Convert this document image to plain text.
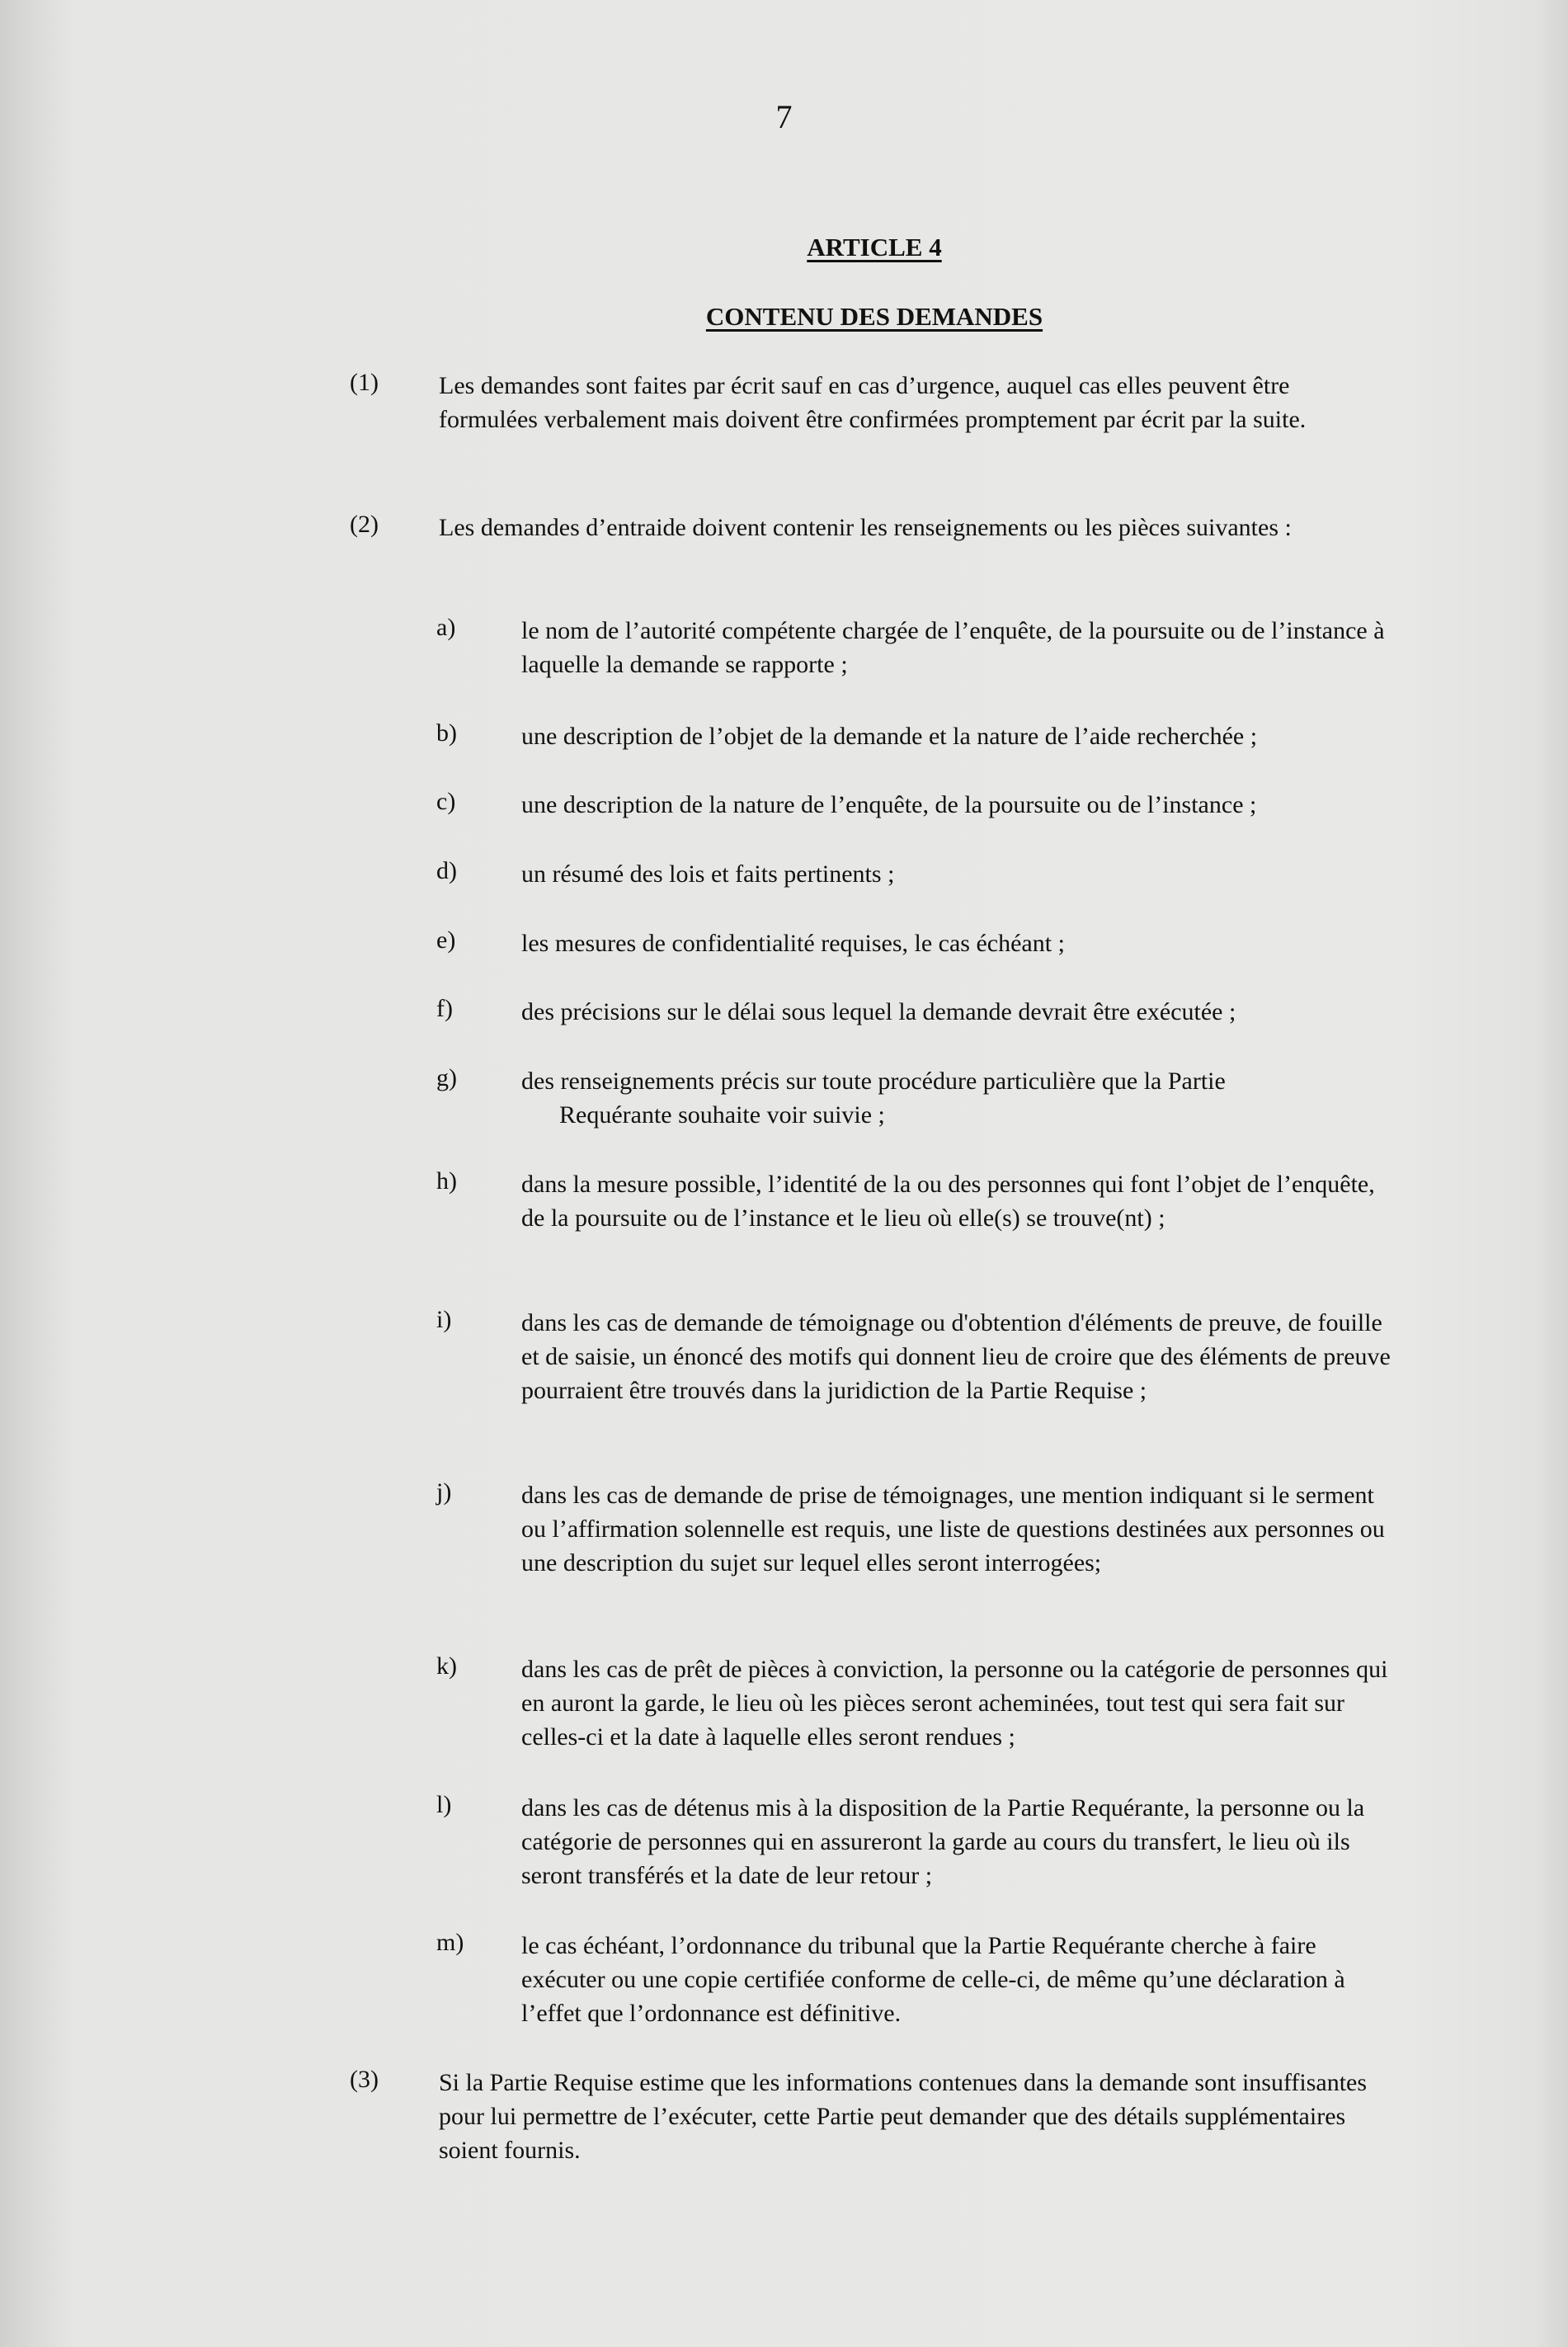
7
ARTICLE 4
CONTENU DES DEMANDES
(1) Les demandes sont faites par écrit sauf en cas d’urgence, auquel cas elles peuvent être formulées verbalement mais doivent être confirmées promptement par écrit par la suite.
(2) Les demandes d’entraide doivent contenir les renseignements ou les pièces suivantes :
a)	le nom de l’autorité compétente chargée de l’enquête, de la poursuite ou de l’instance à laquelle la demande se rapporte ;
b)	une description de l’objet de la demande et la nature de l’aide recherchée ;
c)	une description de la nature de l’enquête, de la poursuite ou de l’instance ;
d)	un résumé des lois et faits pertinents ;
e)	les mesures de confidentialité requises, le cas échéant ;
f)	des précisions sur le délai sous lequel la demande devrait être exécutée ;
g)	des renseignements précis sur toute procédure particulière que la Partie
Requérante souhaite voir suivie ;
h)	dans la mesure possible, l’identité de la ou des personnes qui font l’objet de l’enquête, de la poursuite ou de l’instance et le lieu où elle(s) se trouve(nt) ;
i)	dans les cas de demande de témoignage ou d'obtention d'éléments de preuve, de fouille et de saisie, un énoncé des motifs qui donnent lieu de croire que des éléments de preuve pourraient être trouvés dans la juridiction de la Partie Requise ;
j)	dans les cas de demande de prise de témoignages, une mention indiquant si le serment ou l’affirmation solennelle est requis, une liste de questions destinées aux personnes ou une description du sujet sur lequel elles seront interrogées;
k)	dans les cas de prêt de pièces à conviction, la personne ou la catégorie de personnes qui en auront la garde, le lieu où les pièces seront acheminées, tout test qui sera fait sur celles-ci et la date à laquelle elles seront rendues ;
l)	dans les cas de détenus mis à la disposition de la Partie Requérante, la personne ou la catégorie de personnes qui en assureront la garde au cours du transfert, le lieu où ils seront transférés et la date de leur retour ;
m) le cas échéant, l’ordonnance du tribunal que la Partie Requérante cherche à faire exécuter ou une copie certifiée conforme de celle-ci, de même qu’une déclaration à l’effet que l’ordonnance est définitive.
(3) Si la Partie Requise estime que les informations contenues dans la demande sont insuffisantes pour lui permettre de l’exécuter, cette Partie peut demander que des détails supplémentaires soient fournis.
